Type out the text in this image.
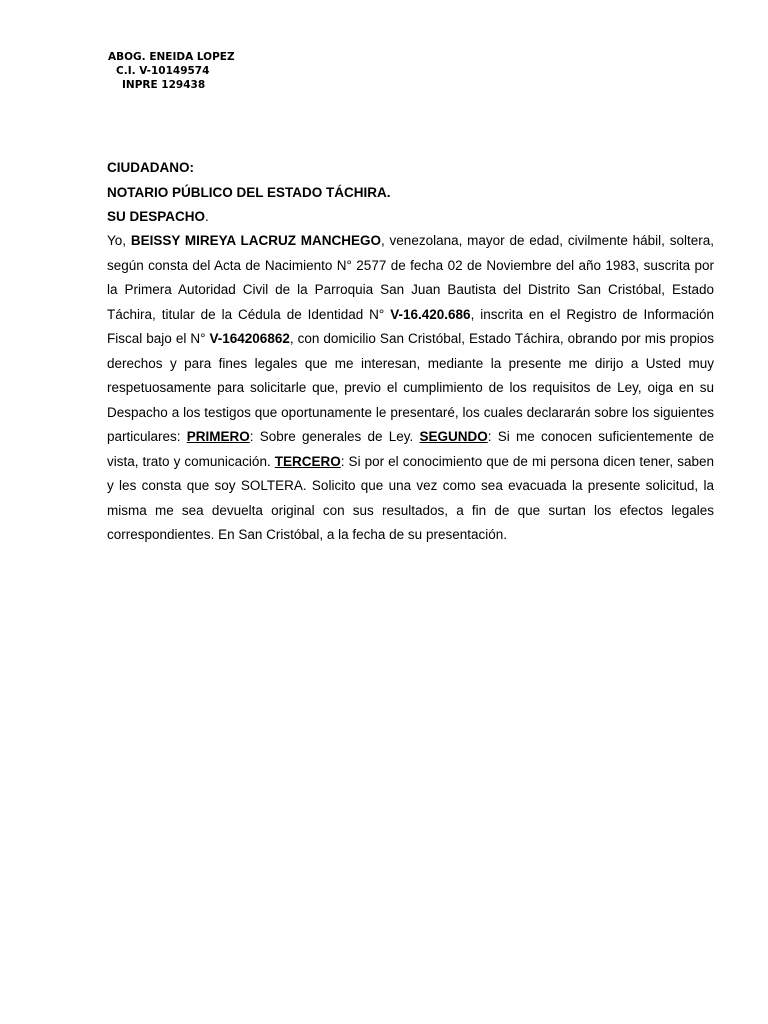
ABOG. ENEIDA LOPEZ
C.I. V-10149574
INPRE 129438
CIUDADANO:
NOTARIO PÚBLICO DEL ESTADO TÁCHIRA.
SU DESPACHO.
Yo, BEISSY MIREYA LACRUZ MANCHEGO, venezolana, mayor de edad, civilmente hábil, soltera, según consta del Acta de Nacimiento N° 2577 de fecha 02 de Noviembre del año 1983, suscrita por la Primera Autoridad Civil de la Parroquia San Juan Bautista del Distrito San Cristóbal, Estado Táchira, titular de la Cédula de Identidad N° V-16.420.686, inscrita en el Registro de Información Fiscal bajo el N° V-164206862, con domicilio San Cristóbal, Estado Táchira, obrando por mis propios derechos y para fines legales que me interesan, mediante la presente me dirijo a Usted muy respetuosamente para solicitarle que, previo el cumplimiento de los requisitos de Ley, oiga en su Despacho a los testigos que oportunamente le presentaré, los cuales declararán sobre los siguientes particulares: PRIMERO: Sobre generales de Ley. SEGUNDO: Si me conocen suficientemente de vista, trato y comunicación. TERCERO: Si por el conocimiento que de mi persona dicen tener, saben y les consta que soy SOLTERA. Solicito que una vez como sea evacuada la presente solicitud, la misma me sea devuelta original con sus resultados, a fin de que surtan los efectos legales correspondientes. En San Cristóbal, a la fecha de su presentación.
